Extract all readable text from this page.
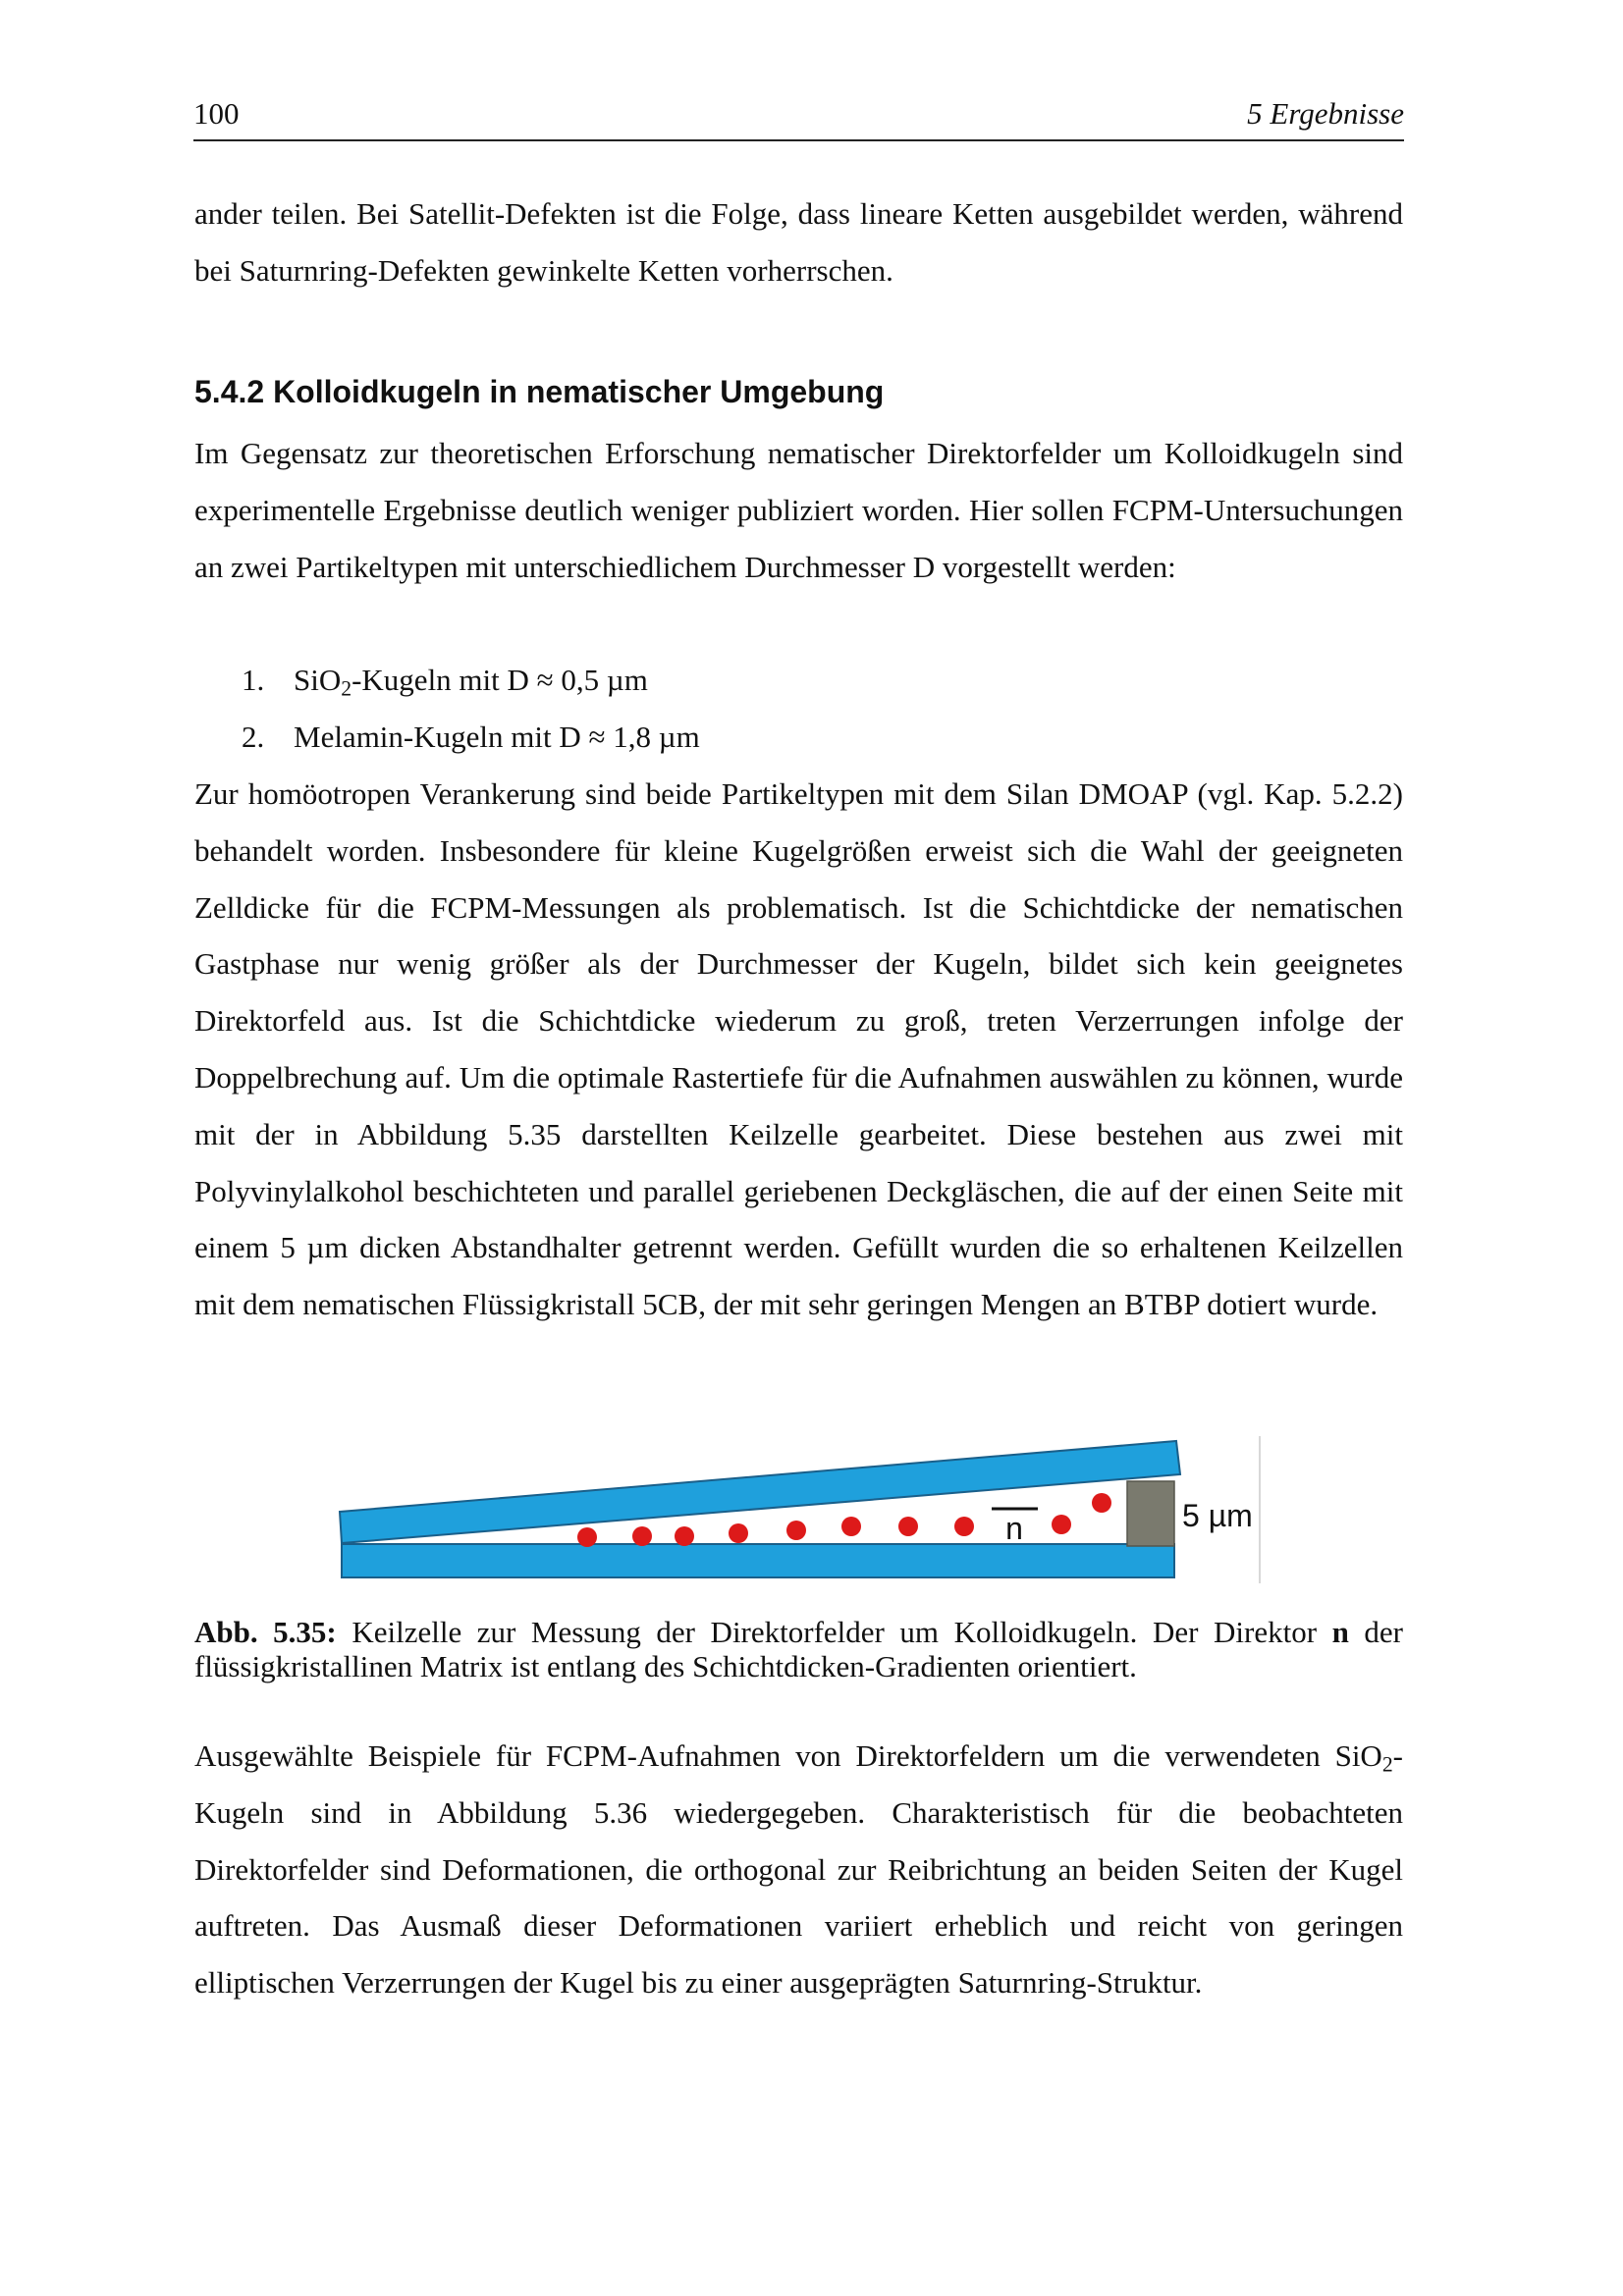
100	5 Ergebnisse

ander teilen. Bei Satellit-Defekten ist die Folge, dass lineare Ketten ausgebildet werden, während bei Saturnring-Defekten gewinkelte Ketten vorherrschen.

5.4.2 Kolloidkugeln in nematischer Umgebung

Im Gegensatz zur theoretischen Erforschung nematischer Direktorfelder um Kolloidkugeln sind experimentelle Ergebnisse deutlich weniger publiziert worden. Hier sollen FCPM-Untersuchungen an zwei Partikeltypen mit unterschiedlichem Durchmesser D vorgestellt werden:

1. SiO$_2$-Kugeln mit D ≈ 0,5 µm
2. Melamin-Kugeln mit D ≈ 1,8 µm

Zur homöotropen Verankerung sind beide Partikeltypen mit dem Silan DMOAP (vgl. Kap. 5.2.2) behandelt worden. Insbesondere für kleine Kugelgrößen erweist sich die Wahl der geeigneten Zelldicke für die FCPM-Messungen als problematisch. Ist die Schichtdicke der nematischen Gastphase nur wenig größer als der Durchmesser der Kugeln, bildet sich kein geeignetes Direktorfeld aus. Ist die Schichtdicke wiederum zu groß, treten Verzerrungen infolge der Doppelbrechung auf. Um die optimale Rastertiefe für die Aufnahmen auswählen zu können, wurde mit der in Abbildung 5.35 darstellten Keilzelle gearbeitet. Diese bestehen aus zwei mit Polyvinylalkohol beschichteten und parallel geriebenen Deckgläschen, die auf der einen Seite mit einem 5 µm dicken Abstandhalter getrennt werden. Gefüllt wurden die so erhaltenen Keilzellen mit dem nematischen Flüssigkristall 5CB, der mit sehr geringen Mengen an BTBP dotiert wurde.

n	5 µm

Abb. 5.35: Keilzelle zur Messung der Direktorfelder um Kolloidkugeln. Der Direktor n der flüssigkristallinen Matrix ist entlang des Schichtdicken-Gradienten orientiert.

Ausgewählte Beispiele für FCPM-Aufnahmen von Direktorfeldern um die verwendeten SiO$_2$-Kugeln sind in Abbildung 5.36 wiedergegeben. Charakteristisch für die beobachteten Direktorfelder sind Deformationen, die orthogonal zur Reibrichtung an beiden Seiten der Kugel auftreten. Das Ausmaß dieser Deformationen variiert erheblich und reicht von geringen elliptischen Verzerrungen der Kugel bis zu einer ausgeprägten Saturnring-Struktur.
